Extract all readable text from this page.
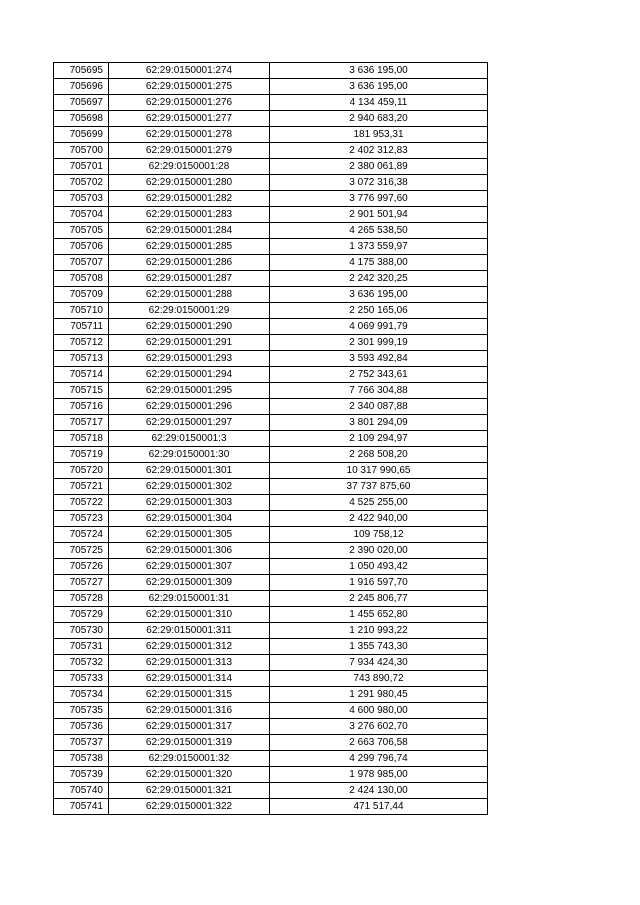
705695	62:29:0150001:274	3 636 195,00
705696	62:29:0150001:275	3 636 195,00
705697	62:29:0150001:276	4 134 459,11
705698	62:29:0150001:277	2 940 683,20
705699	62:29:0150001:278	181 953,31
705700	62:29:0150001:279	2 402 312,83
705701	62:29:0150001:28	2 380 061,89
705702	62:29:0150001:280	3 072 316,38
705703	62:29:0150001:282	3 776 997,60
705704	62:29:0150001:283	2 901 501,94
705705	62:29:0150001:284	4 265 538,50
705706	62:29:0150001:285	1 373 559,97
705707	62:29:0150001:286	4 175 388,00
705708	62:29:0150001:287	2 242 320,25
705709	62:29:0150001:288	3 636 195,00
705710	62:29:0150001:29	2 250 165,06
705711	62:29:0150001:290	4 069 991,79
705712	62:29:0150001:291	2 301 999,19
705713	62:29:0150001:293	3 593 492,84
705714	62:29:0150001:294	2 752 343,61
705715	62:29:0150001:295	7 766 304,88
705716	62:29:0150001:296	2 340 087,88
705717	62:29:0150001:297	3 801 294,09
705718	62:29:0150001:3	2 109 294,97
705719	62:29:0150001:30	2 268 508,20
705720	62:29:0150001:301	10 317 990,65
705721	62:29:0150001:302	37 737 875,60
705722	62:29:0150001:303	4 525 255,00
705723	62:29:0150001:304	2 422 940,00
705724	62:29:0150001:305	109 758,12
705725	62:29:0150001:306	2 390 020,00
705726	62:29:0150001:307	1 050 493,42
705727	62:29:0150001:309	1 916 597,70
705728	62:29:0150001:31	2 245 806,77
705729	62:29:0150001:310	1 455 652,80
705730	62:29:0150001:311	1 210 993,22
705731	62:29:0150001:312	1 355 743,30
705732	62:29:0150001:313	7 934 424,30
705733	62:29:0150001:314	743 890,72
705734	62:29:0150001:315	1 291 980,45
705735	62:29:0150001:316	4 600 980,00
705736	62:29:0150001:317	3 276 602,70
705737	62:29:0150001:319	2 663 706,58
705738	62:29:0150001:32	4 299 796,74
705739	62:29:0150001:320	1 978 985,00
705740	62:29:0150001:321	2 424 130,00
705741	62:29:0150001:322	471 517,44
